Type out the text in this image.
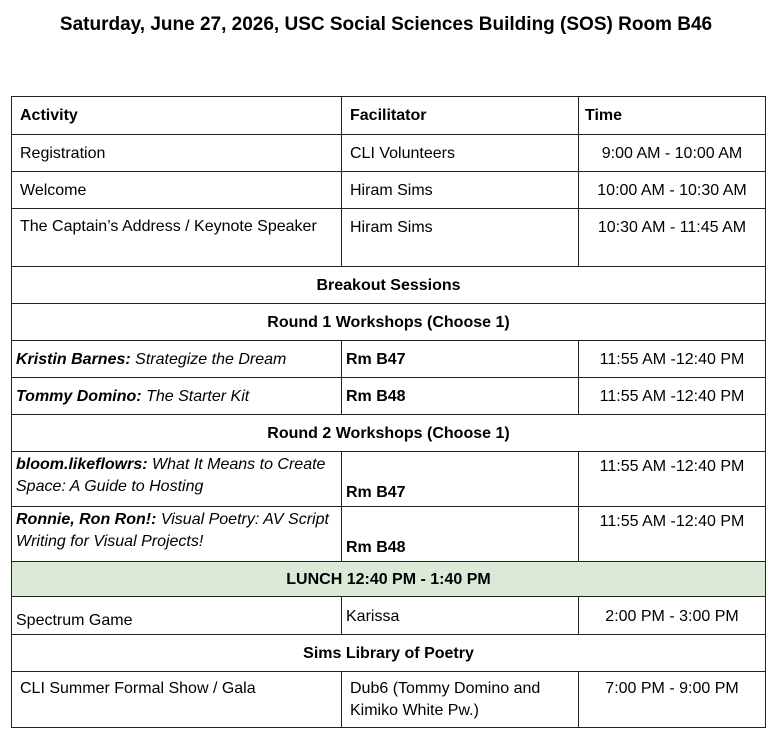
Saturday, June 27, 2026, USC Social Sciences Building (SOS) Room B46
Activity	Facilitator	Time
Registration	CLI Volunteers	9:00 AM - 10:00 AM
Welcome	Hiram Sims	10:00 AM - 10:30 AM
The Captain’s Address / Keynote Speaker	Hiram Sims	10:30 AM - 11:45 AM
Breakout Sessions		
Round 1 Workshops (Choose 1)		
Kristin Barnes: Strategize the Dream	Rm B47	11:55 AM -12:40 PM
Tommy Domino: The Starter Kit	Rm B48	11:55 AM -12:40 PM
Round 2 Workshops (Choose 1)		
bloom.likeflowrs: What It Means to Create Space: A Guide to Hosting	Rm B47	11:55 AM -12:40 PM
Ronnie, Ron Ron!: Visual Poetry: AV Script Writing for Visual Projects!	Rm B48	11:55 AM -12:40 PM
LUNCH 12:40 PM - 1:40 PM		
Spectrum Game	Karissa	2:00 PM - 3:00 PM
Sims Library of Poetry		
CLI Summer Formal Show / Gala	Dub6 (Tommy Domino and Kimiko White Pw.)	7:00 PM - 9:00 PM
